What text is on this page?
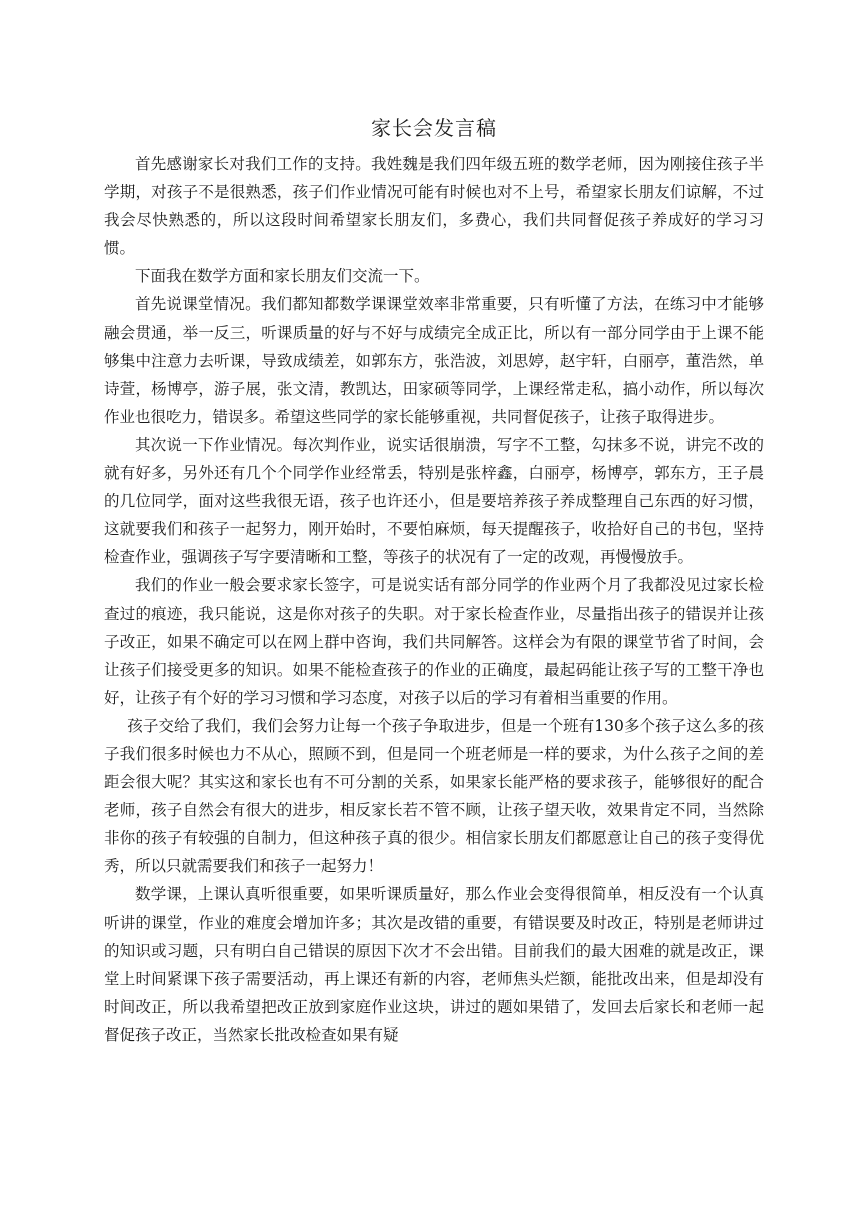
家长会发言稿

首先感谢家长对我们工作的支持。我姓魏是我们四年级五班的数学老师，因为刚接住孩子半学期，对孩子不是很熟悉，孩子们作业情况可能有时候也对不上号，希望家长朋友们谅解，不过我会尽快熟悉的，所以这段时间希望家长朋友们，多费心，我们共同督促孩子养成好的学习习惯。

下面我在数学方面和家长朋友们交流一下。

首先说课堂情况。我们都知都数学课课堂效率非常重要，只有听懂了方法，在练习中才能够融会贯通，举一反三，听课质量的好与不好与成绩完全成正比，所以有一部分同学由于上课不能够集中注意力去听课，导致成绩差，如郭东方，张浩波，刘思婷，赵宇轩，白丽亭，董浩然，单诗萱，杨博亭，游子展，张文清，教凯达，田家硕等同学，上课经常走私，搞小动作，所以每次作业也很吃力，错误多。希望这些同学的家长能够重视，共同督促孩子，让孩子取得进步。

其次说一下作业情况。每次判作业，说实话很崩溃，写字不工整，勾抹多不说，讲完不改的就有好多，另外还有几个个同学作业经常丢，特别是张梓鑫，白丽亭，杨博亭，郭东方，王子晨的几位同学，面对这些我很无语，孩子也许还小，但是要培养孩子养成整理自己东西的好习惯，这就要我们和孩子一起努力，刚开始时，不要怕麻烦，每天提醒孩子，收拾好自己的书包，坚持检查作业，强调孩子写字要清晰和工整，等孩子的状况有了一定的改观，再慢慢放手。

我们的作业一般会要求家长签字，可是说实话有部分同学的作业两个月了我都没见过家长检查过的痕迹，我只能说，这是你对孩子的失职。对于家长检查作业，尽量指出孩子的错误并让孩子改正，如果不确定可以在网上群中咨询，我们共同解答。这样会为有限的课堂节省了时间，会让孩子们接受更多的知识。如果不能检查孩子的作业的正确度，最起码能让孩子写的工整干净也好，让孩子有个好的学习习惯和学习态度，对孩子以后的学习有着相当重要的作用。

孩子交给了我们，我们会努力让每一个孩子争取进步，但是一个班有130多个孩子这么多的孩子我们很多时候也力不从心，照顾不到，但是同一个班老师是一样的要求，为什么孩子之间的差距会很大呢？其实这和家长也有不可分割的关系，如果家长能严格的要求孩子，能够很好的配合老师，孩子自然会有很大的进步，相反家长若不管不顾，让孩子望天收，效果肯定不同，当然除非你的孩子有较强的自制力，但这种孩子真的很少。相信家长朋友们都愿意让自己的孩子变得优秀，所以只就需要我们和孩子一起努力！

数学课，上课认真听很重要，如果听课质量好，那么作业会变得很简单，相反没有一个认真听讲的课堂，作业的难度会增加许多；其次是改错的重要，有错误要及时改正，特别是老师讲过的知识或习题，只有明白自己错误的原因下次才不会出错。目前我们的最大困难的就是改正，课堂上时间紧课下孩子需要活动，再上课还有新的内容，老师焦头烂额，能批改出来，但是却没有时间改正，所以我希望把改正放到家庭作业这块，讲过的题如果错了，发回去后家长和老师一起督促孩子改正，当然家长批改检查如果有疑
